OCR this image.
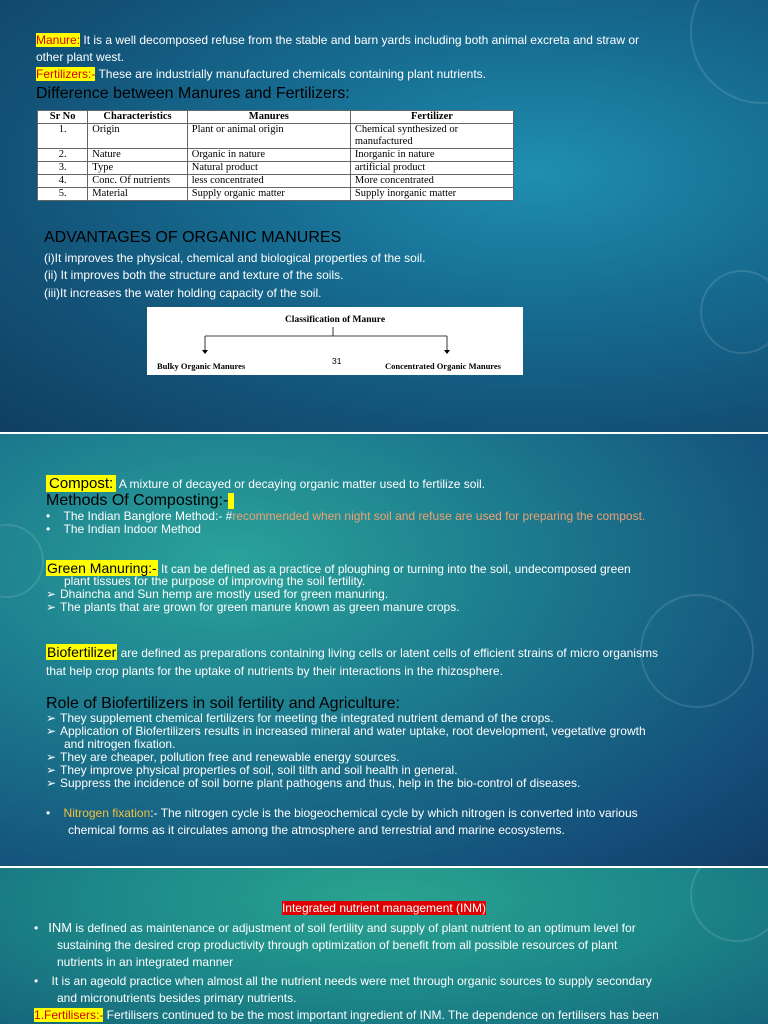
Manure: It is a well decomposed refuse from the stable and barn yards including both animal excreta and straw or
other plant west.
Fertilizers:- These are industrially manufactured chemicals containing plant nutrients.
Difference between Manures and Fertilizers:
Sr No	Characteristics	Manures	Fertilizer
1.	Origin	Plant or animal origin	Chemical synthesized or manufactured
2.	Nature	Organic in nature	Inorganic in nature
3.	Type	Natural product	artificial product
4.	Conc. Of nutrients	less concentrated	More concentrated
5.	Material	Supply organic matter	Supply inorganic matter
ADVANTAGES OF ORGANIC MANURES
(i)It improves the physical, chemical and biological properties of the soil.
(ii) It improves both the structure and texture of the soils.
(iii)It increases the water holding capacity of the soil.
Classification of Manure
Bulky Organic Manures	31	Concentrated Organic Manures
Compost: A mixture of decayed or decaying organic matter used to fertilize soil.
Methods Of Composting:-
•    The Indian Banglore Method:- #recommended when night soil and refuse are used for preparing the compost.
•    The Indian Indoor Method
Green Manuring:- It can be defined as a practice of ploughing or turning into the soil, undecomposed green
plant tissues for the purpose of improving the soil fertility.
➢ Dhaincha and Sun hemp are mostly used for green manuring.
➢ The plants that are grown for green manure known as green manure crops.
Biofertilizer are defined as preparations containing living cells or latent cells of efficient strains of micro organisms
that help crop plants for the uptake of nutrients by their interactions in the rhizosphere.
Role of Biofertilizers in soil fertility and Agriculture:
➢ They supplement chemical fertilizers for meeting the integrated nutrient demand of the crops.
➢ Application of Biofertilizers results in increased mineral and water uptake, root development, vegetative growth
and nitrogen fixation.
➢ They are cheaper, pollution free and renewable energy sources.
➢ They improve physical properties of soil, soil tilth and soil health in general.
➢ Suppress the incidence of soil borne plant pathogens and thus, help in the bio-control of diseases.
•    Nitrogen fixation:- The nitrogen cycle is the biogeochemical cycle by which nitrogen is converted into various
chemical forms as it circulates among the atmosphere and terrestrial and marine ecosystems.
Integrated nutrient management (INM)
•   INM is defined as maintenance or adjustment of soil fertility and supply of plant nutrient to an optimum level for
sustaining the desired crop productivity through optimization of benefit from all possible resources of plant
nutrients in an integrated manner
•    It is an ageold practice when almost all the nutrient needs were met through organic sources to supply secondary
and micronutrients besides primary nutrients.
1.Fertilisers:- Fertilisers continued to be the most important ingredient of INM. The dependence on fertilisers has been
